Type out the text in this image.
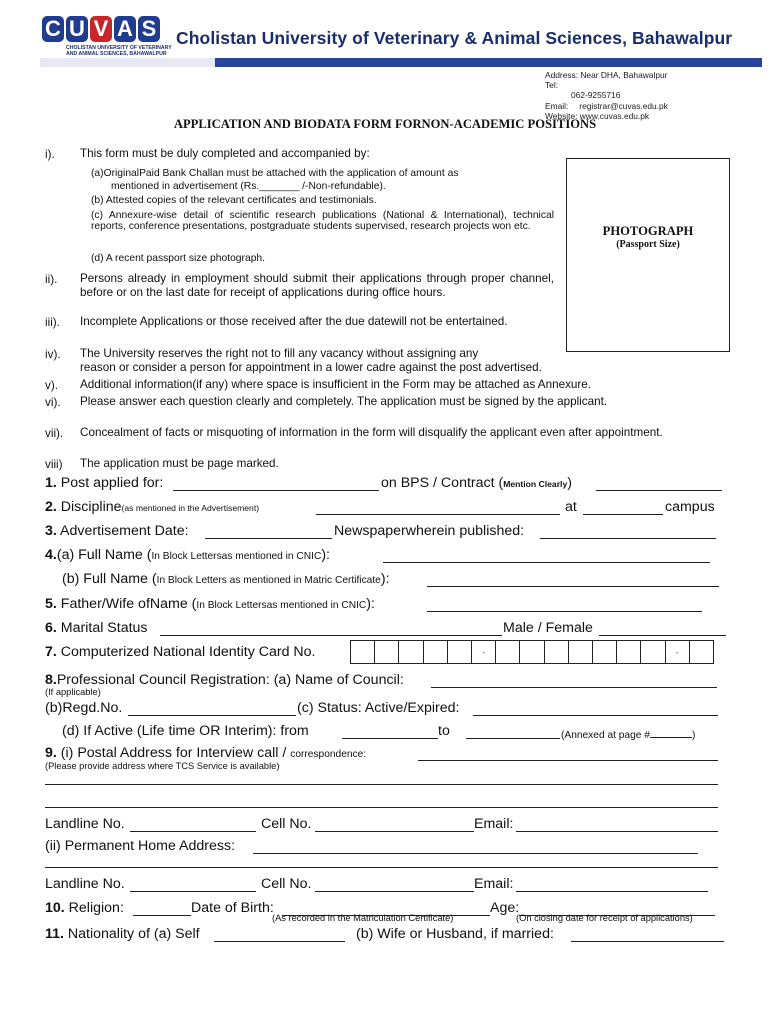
C U V A S
CHOLISTAN UNIVERSITY OF VETERINARY
AND ANIMAL SCIENCES, BAHAWALPUR
Cholistan University of Veterinary & Animal Sciences, Bahawalpur
Address: Near DHA, Bahawalpur
Tel:
062-9255716
Email: registrar@cuvas.edu.pk
Website: www.cuvas.edu.pk
APPLICATION AND BIODATA FORM FORNON-ACADEMIC POSITIONS
PHOTOGRAPH
(Passport Size)
i). This form must be duly completed and accompanied by:
(a)OriginalPaid Bank Challan must be attached with the application of amount as
mentioned in advertisement (Rs._______ /-Non-refundable).
(b) Attested copies of the relevant certificates and testimonials.
(c) Annexure-wise detail of scientific research publications (National & International), technical reports, conference presentations, postgraduate students supervised, research projects won etc.
(d) A recent passport size photograph.
ii). Persons already in employment should submit their applications through proper channel, before or on the last date for receipt of applications during office hours.
iii). Incomplete Applications or those received after the due datewill not be entertained.
iv). The University reserves the right not to fill any vacancy without assigning any
reason or consider a person for appointment in a lower cadre against the post advertised.
v). Additional information(if any) where space is insufficient in the Form may be attached as Annexure.
vi). Please answer each question clearly and completely. The application must be signed by the applicant.
vii). Concealment of facts or misquoting of information in the form will disqualify the applicant even after appointment.
viii) The application must be page marked.
1. Post applied for:	on BPS / Contract (Mention Clearly)
2. Discipline(as mentioned in the Advertisement)	at	campus
3. Advertisement Date:	Newspaperwherein published:
4.(a) Full Name (In Block Lettersas mentioned in CNIC):
(b) Full Name (In Block Letters as mentioned in Matric Certificate):
5. Father/Wife ofName (In Block Lettersas mentioned in CNIC):
6. Marital Status	Male / Female
7. Computerized National Identity Card No.	-	-
8.Professional Council Registration: (a) Name of Council:
(If applicable)
(b)Regd.No.	(c) Status: Active/Expired:
(d) If Active (Life time OR Interim): from	to	(Annexed at page #	)
9. (i) Postal Address for Interview call / correspondence:
(Please provide address where TCS Service is available)
Landline No.	Cell No.	Email:
(ii) Permanent Home Address:
Landline No.	Cell No.	Email:
10. Religion:	Date of Birth:	Age:
(As recorded in the Matriculation Certificate)	(On closing date for receipt of applications)
11. Nationality of (a) Self	(b) Wife or Husband, if married:
